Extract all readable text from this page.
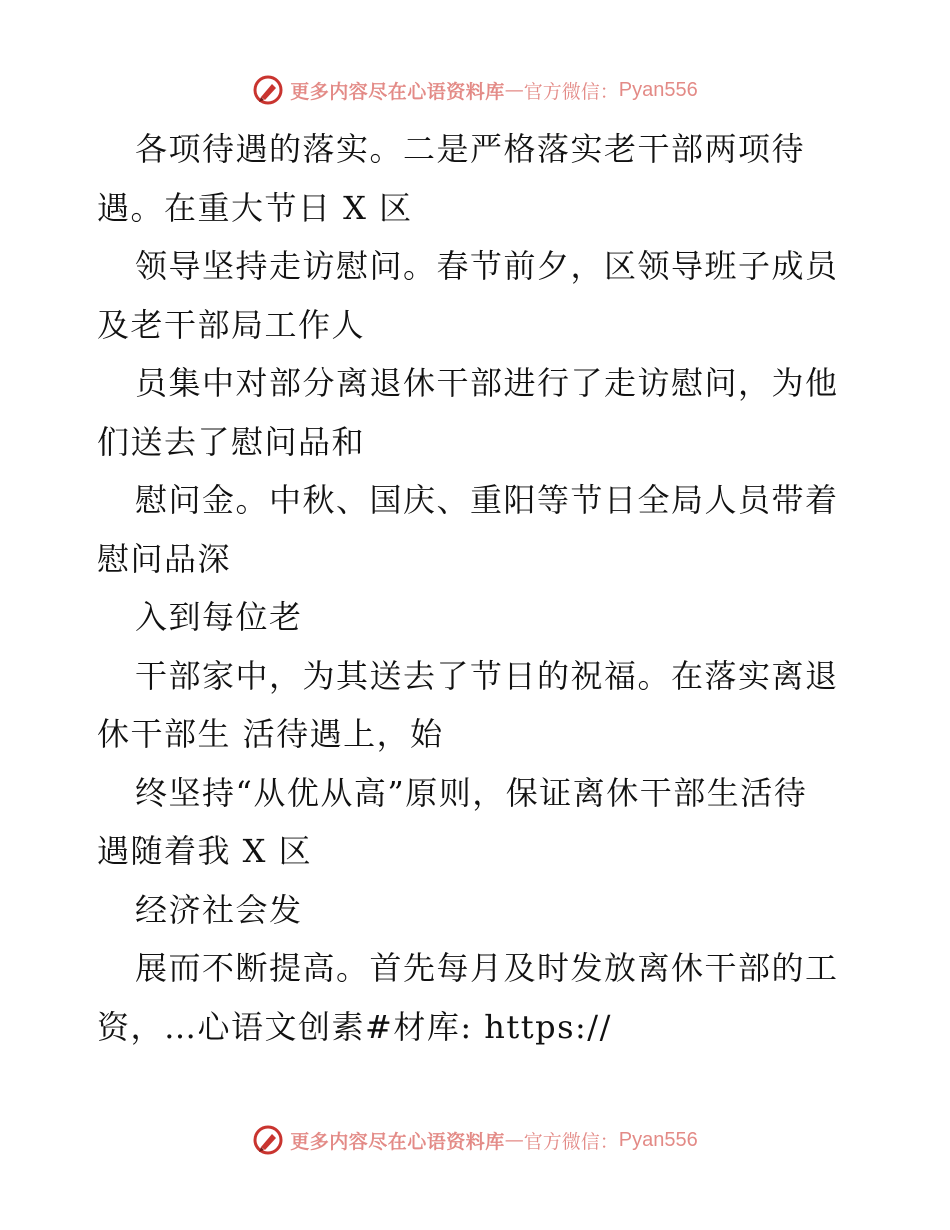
更多内容尽在心语资料库 — 官方微信： Pyan556
各项待遇的落实。二是严格落实老干部两项待
遇。在重大节日 X 区
领导坚持走访慰问。春节前夕，区领导班子成员
及老干部局工作人
员集中对部分离退休干部进行了走访慰问，为他
们送去了慰问品和
慰问金。中秋、国庆、重阳等节日全局人员带着
慰问品深
入到每位老
干部家中，为其送去了节日的祝福。在落实离退
休干部生 活待遇上，始
终坚持“从优从高”原则，保证离休干部生活待
遇随着我 X 区
经济社会发
展而不断提高。首先每月及时发放离休干部的工
资，…心语文创素#材库: https://
更多内容尽在心语资料库 — 官方微信： Pyan556
